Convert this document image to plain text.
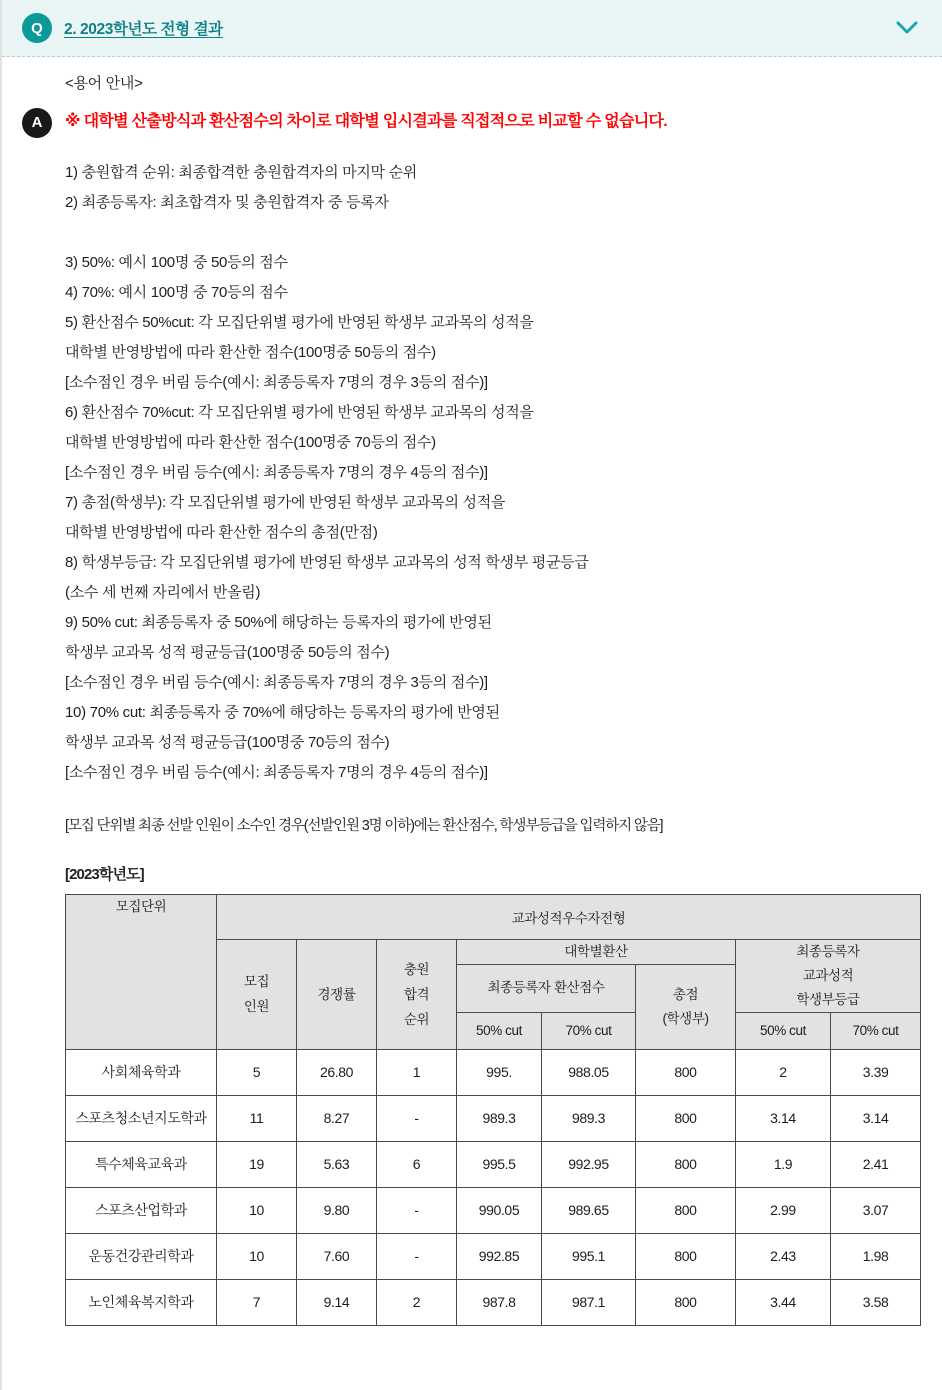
Q	2. 2023학년도 전형 결과
<용어 안내>
A	※ 대학별 산출방식과 환산점수의 차이로 대학별 입시결과를 직접적으로 비교할 수 없습니다.
1) 충원합격 순위: 최종합격한 충원합격자의 마지막 순위
2) 최종등록자: 최초합격자 및 충원합격자 중 등록자
3) 50%: 예시 100명 중 50등의 점수
4) 70%: 예시 100명 중 70등의 점수
5) 환산점수 50%cut: 각 모집단위별 평가에 반영된 학생부 교과목의 성적을
대학별 반영방법에 따라 환산한 점수(100명중 50등의 점수)
[소수점인 경우 버림 등수(예시: 최종등록자 7명의 경우 3등의 점수)]
6) 환산점수 70%cut: 각 모집단위별 평가에 반영된 학생부 교과목의 성적을
대학별 반영방법에 따라 환산한 점수(100명중 70등의 점수)
[소수점인 경우 버림 등수(예시: 최종등록자 7명의 경우 4등의 점수)]
7) 총점(학생부): 각 모집단위별 평가에 반영된 학생부 교과목의 성적을
대학별 반영방법에 따라 환산한 점수의 총점(만점)
8) 학생부등급: 각 모집단위별 평가에 반영된 학생부 교과목의 성적 학생부 평균등급
(소수 세 번째 자리에서 반올림)
9) 50% cut: 최종등록자 중 50%에 해당하는 등록자의 평가에 반영된
학생부 교과목 성적 평균등급(100명중 50등의 점수)
[소수점인 경우 버림 등수(예시: 최종등록자 7명의 경우 3등의 점수)]
10) 70% cut: 최종등록자 중 70%에 해당하는 등록자의 평가에 반영된
학생부 교과목 성적 평균등급(100명중 70등의 점수)
[소수점인 경우 버림 등수(예시: 최종등록자 7명의 경우 4등의 점수)]
[모집 단위별 최종 선발 인원이 소수인 경우(선발인원 3명 이하)에는 환산점수, 학생부등급을 입력하지 않음]
[2023학년도]
모집단위	교과성적우수자전형							

모집
인원
	경쟁률	
충원
합격
순위
	대학별환산	최종등록자
교과성적
학생부등급

				최종등록자 환산점수		총점
(학생부)		

				50% cut	70% cut		50% cut	70% cut
사회체육학과	5	26.80	1	995.	988.05	800	2	3.39
스포츠청소년지도학과	11	8.27	-	989.3	989.3	800	3.14	3.14
특수체육교육과	19	5.63	6	995.5	992.95	800	1.9	2.41
스포츠산업학과	10	9.80	-	990.05	989.65	800	2.99	3.07
운동건강관리학과	10	7.60	-	992.85	995.1	800	2.43	1.98
노인체육복지학과	7	9.14	2	987.8	987.1	800	3.44	3.58
